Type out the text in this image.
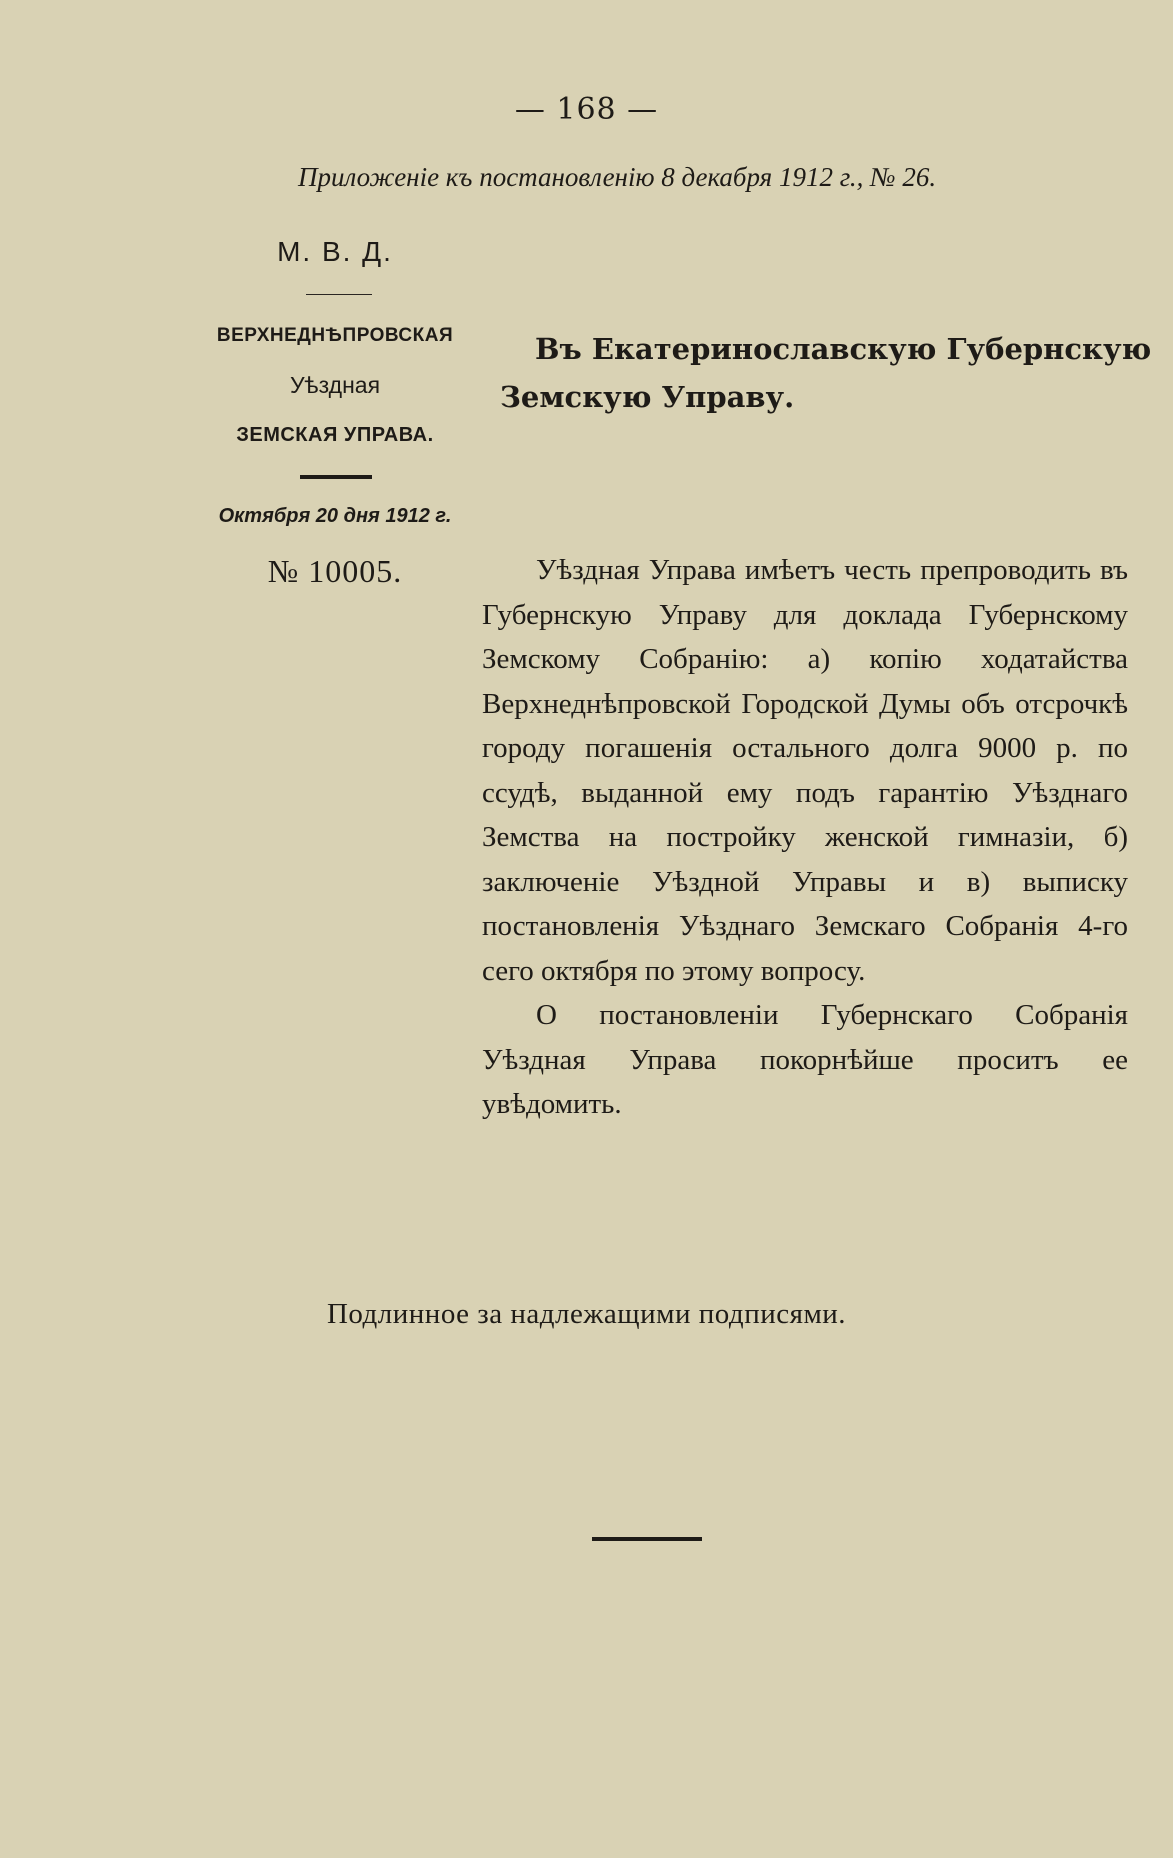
— 168 —
Приложеніе къ постановленію 8 декабря 1912 г., № 26.
М. В. Д.
ВЕРХНЕДНѢПРОВСКАЯ
Уѣздная
ЗЕМСКАЯ УПРАВА.
Октября 20 дня 1912 г.
№ 10005.
Въ Екатеринославскую Губернскую
Земскую Управу.

Уѣздная Управа имѣетъ честь препроводить въ Губернскую Управу для доклада Губернскому Земскому Собранію: а) копію ходатайства Верхнеднѣпровской Городской Думы объ отсрочкѣ городу погашенія остального долга 9000 р. по ссудѣ, выданной ему подъ гарантію Уѣзднаго Земства на постройку женской гимназіи, б) заключеніе Уѣздной Управы и в) выписку постановленія Уѣзднаго Земскаго Собранія 4-го сего октября по этому вопросу.

О постановленіи Губернскаго Собранія Уѣздная Управа покорнѣйше проситъ ее увѣдомить.

Подлинное за надлежащими подписями.
